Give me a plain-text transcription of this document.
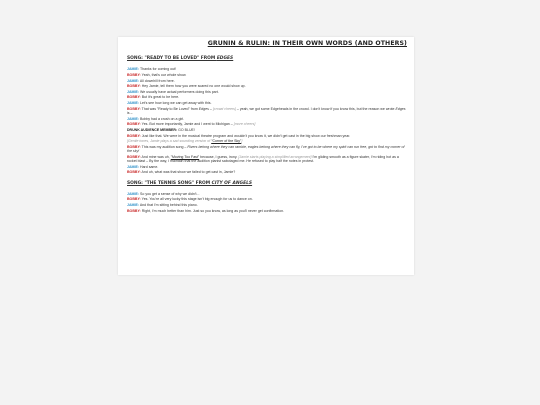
GRUNIN & RULIN: IN THEIR OWN WORDS (AND OTHERS)
SONG: "READY TO BE LOVED" FROM EDGES
JAMIE: Thanks for coming out!
BOBBY: Yeah, that's our whole show.
JAMIE: All downhill from here.
BOBBY: Hey Jamie, tell them how you were scared no one would show up.
JAMIE: We usually have actual performers doing this part.
BOBBY: But it's great to be here.
JAMIE: Let's see how long we can get away with this.
BOBBY: That was "Ready to Be Loved" from Edges – [crowd cheers] – yeah, we got some Edgeheads in the crowd. I don't know if you know this, but the reason we wrote Edges is –
JAMIE: Bobby had a crush on a girl.
BOBBY: Yes. But more importantly, Jamie and I went to Michigan – [more cheers]
DRUNK AUDIENCE MEMBER: GO BLUE!
BOBBY: Just like that. We were in the musical theatre program and wouldn't you know it, we didn't get cast in the big show our freshman year.
[Gentle tones, Jamie plays a sad sounding version of "Corner of the Sky"]
BOBBY: This was my audition song – Rivers belong where they can ramble, eagles belong where they can fly, I've got to be where my spirit can run free, got to find my corner of the sky!
BOBBY: And mine was uh, "Moving Too Fast" because, I guess, irony. [Jamie starts playing a simplified arrangement] I'm gliding smooth as a figure skater, I'm riding hot as a rocket blast – By the way, I maintain that the audition pianist sabotaged me. He refused to play half the notes in protest.
JAMIE: Hard same.
BOBBY: And uh, what was that show we failed to get cast in, Jamie?
SONG: "THE TENNIS SONG" FROM CITY OF ANGELS
JAMIE: So you get a sense of why we didn't...
BOBBY: Yes. You're all very lucky this stage isn't big enough for us to dance on.
JAMIE: And that I'm sitting behind this piano.
BOBBY: Right, I'm much better than him. Just so you know, as long as you'll never get confirmation.
